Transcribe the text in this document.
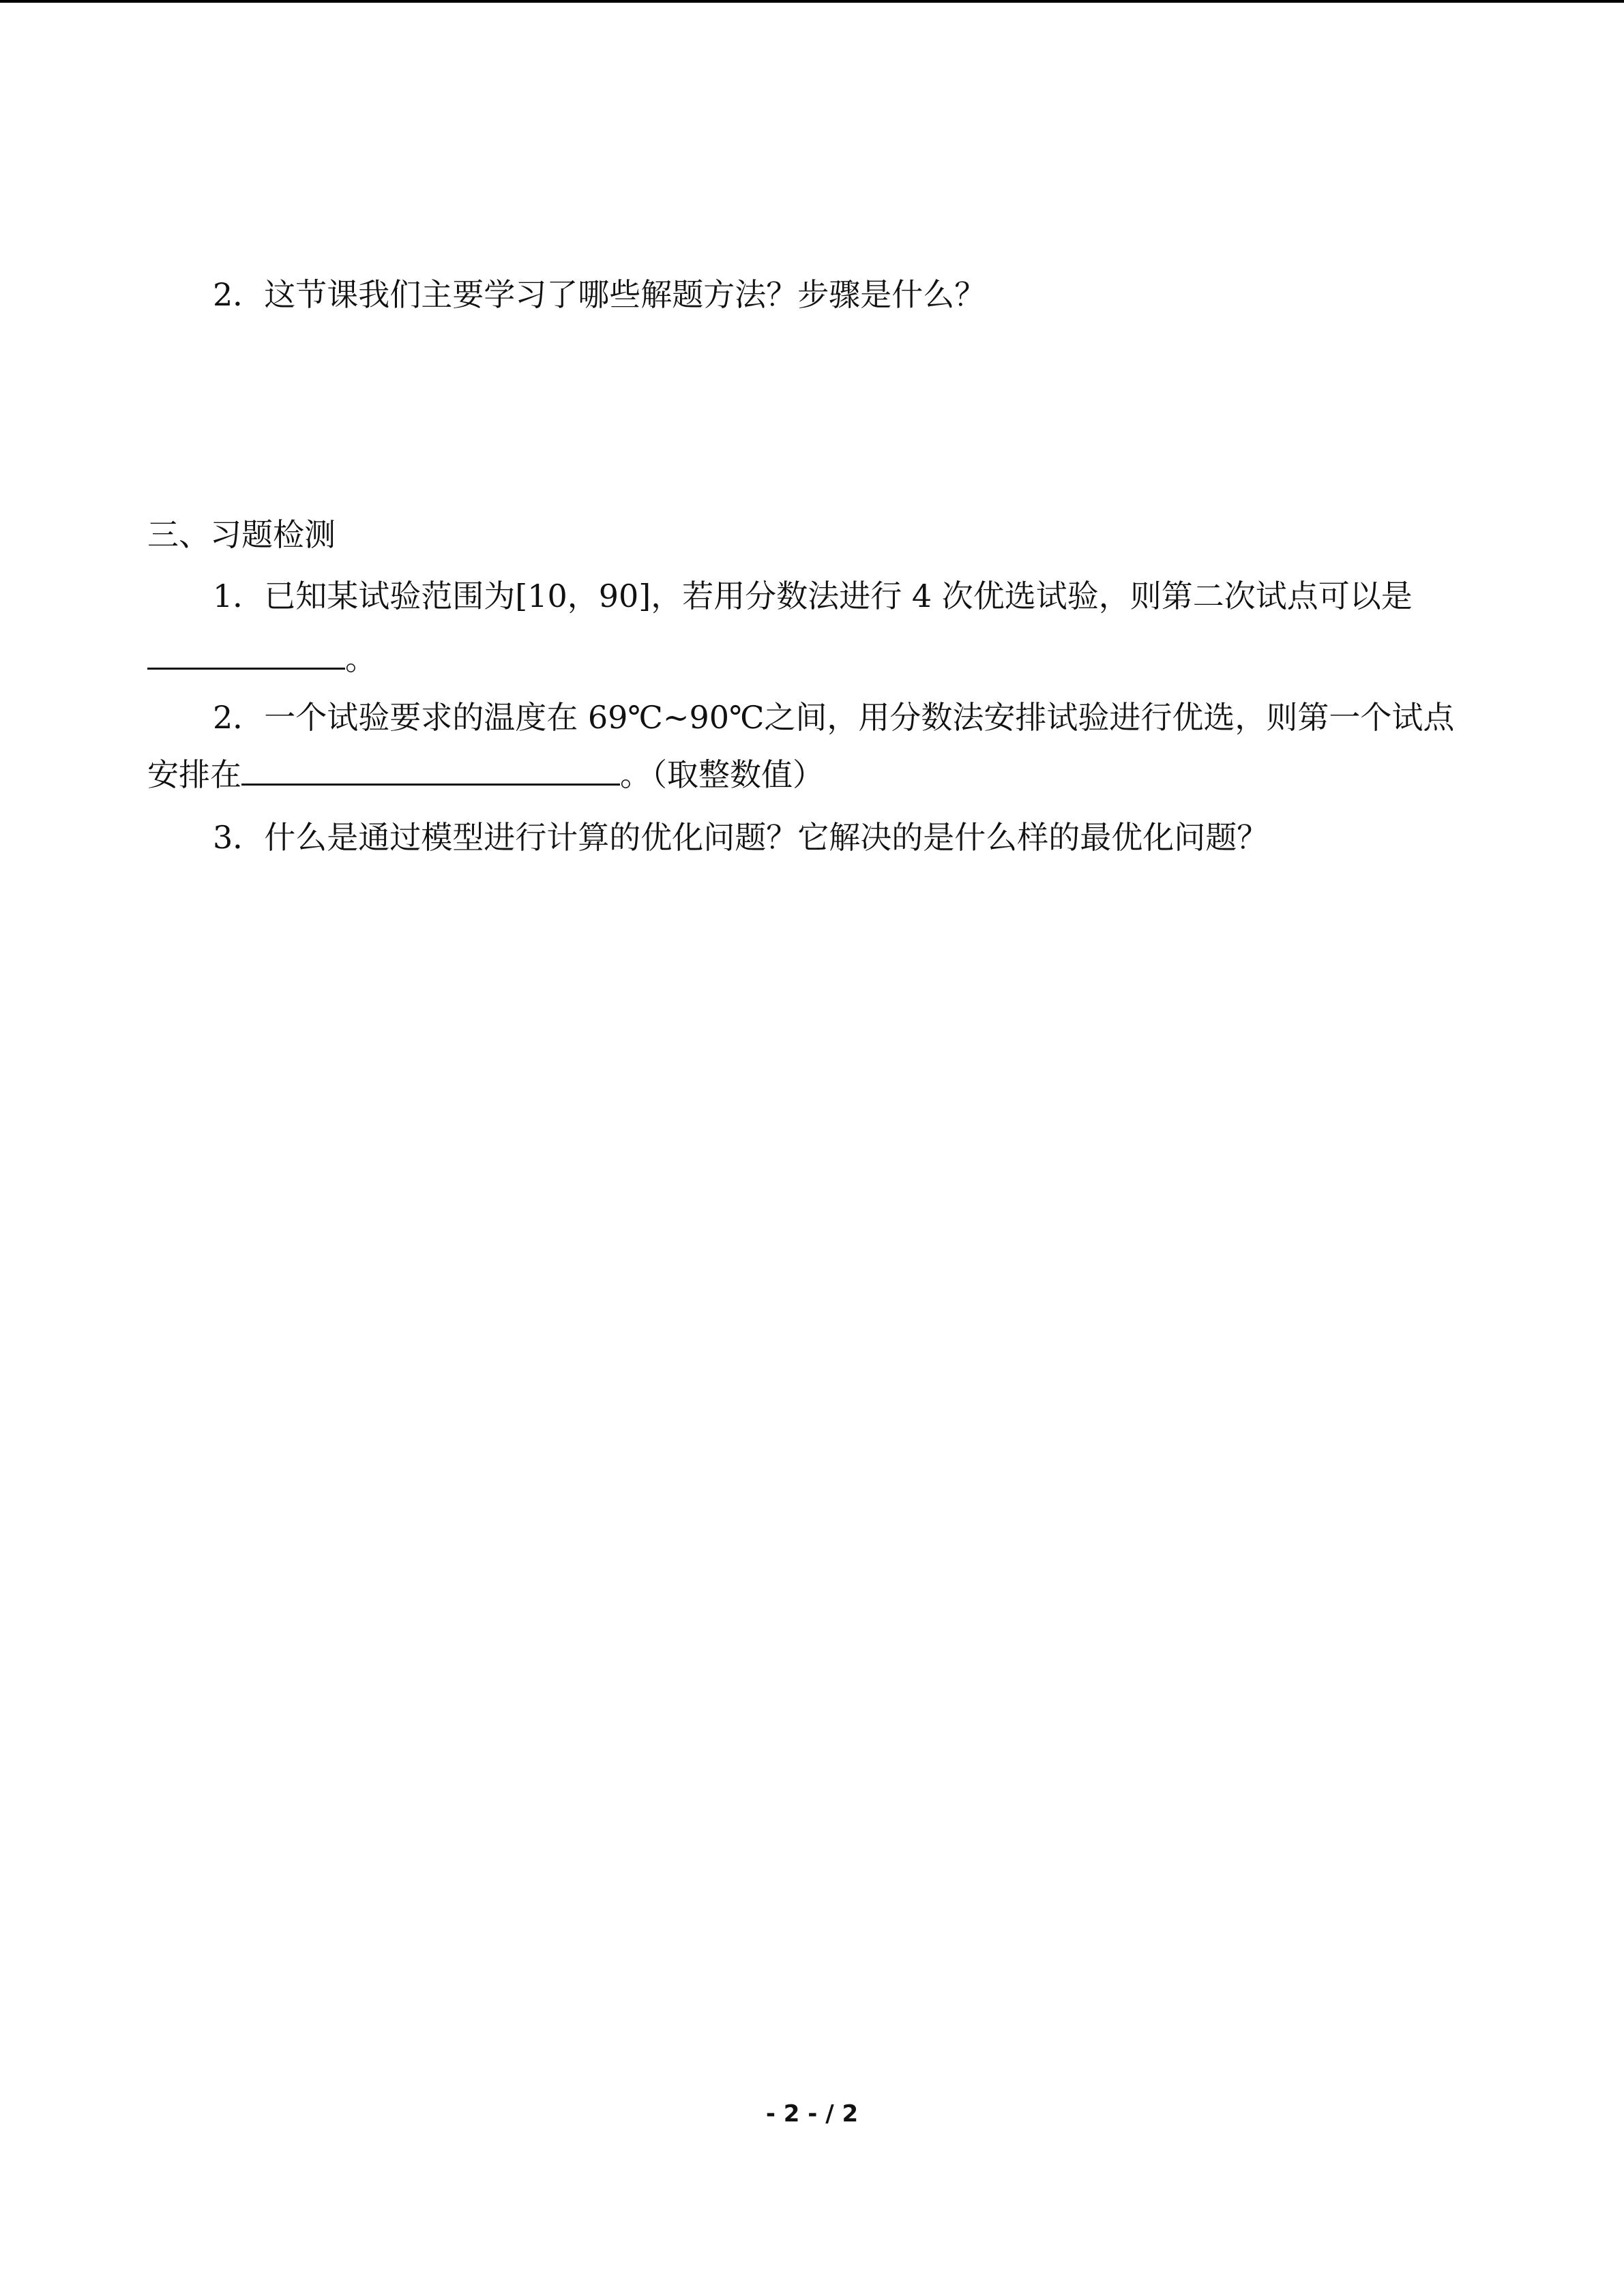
2．这节课我们主要学习了哪些解题方法？步骤是什么？
三、习题检测
1．已知某试验范围为[10，90]，若用分数法进行 4 次优选试验，则第二次试点可以是
。
2．一个试验要求的温度在 69℃~90℃之间，用分数法安排试验进行优选，则第一个试点
安排在	。（取整数值）
3．什么是通过模型进行计算的优化问题？它解决的是什么样的最优化问题？
- 2 - / 2
